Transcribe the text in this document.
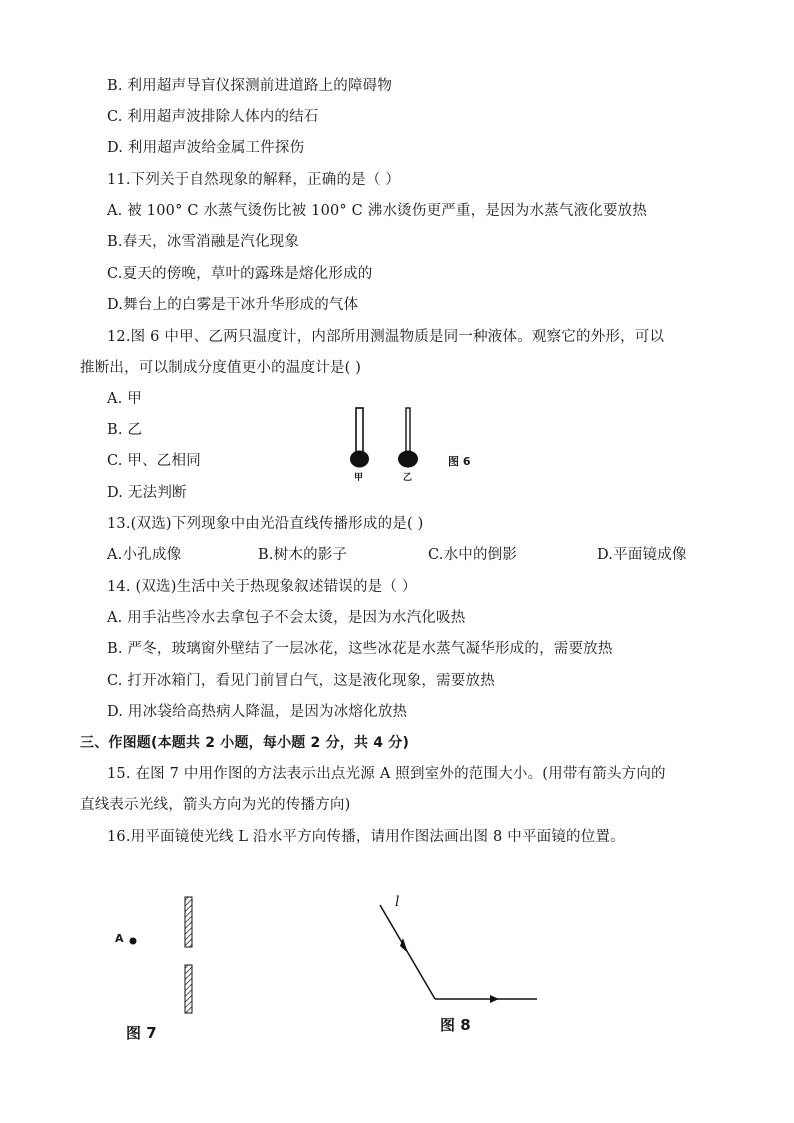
B. 利用超声导盲仪探测前进道路上的障碍物
C. 利用超声波排除人体内的结石
D. 利用超声波给金属工件探伤
11.下列关于自然现象的解释，正确的是（ ）
A. 被 100° C 水蒸气烫伤比被 100° C 沸水烫伤更严重，是因为水蒸气液化要放热
B.春天，冰雪消融是汽化现象
C.夏天的傍晚，草叶的露珠是熔化形成的
D.舞台上的白雾是干冰升华形成的气体
12.图 6 中甲、乙两只温度计，内部所用测温物质是同一种液体。观察它的外形，可以
推断出，可以制成分度值更小的温度计是( )
A. 甲
B. 乙
C. 甲、乙相同
D. 无法判断
甲	乙
图 6
13.(双选)下列现象中由光沿直线传播形成的是( )
A.小孔成像	B.树木的影子	C.水中的倒影	D.平面镜成像
14. (双选)生活中关于热现象叙述错误的是（ ）
A. 用手沾些冷水去拿包子不会太烫，是因为水汽化吸热
B. 严冬，玻璃窗外壁结了一层冰花，这些冰花是水蒸气凝华形成的，需要放热
C. 打开冰箱门，看见门前冒白气，这是液化现象，需要放热
D. 用冰袋给高热病人降温，是因为冰熔化放热
三、作图题(本题共 2 小题，每小题 2 分，共 4 分)
15. 在图 7 中用作图的方法表示出点光源 A 照到室外的范围大小。(用带有箭头方向的
直线表示光线，箭头方向为光的传播方向)
16.用平面镜使光线 L 沿水平方向传播，请用作图法画出图 8 中平面镜的位置。
A
图 7
l
图 8
